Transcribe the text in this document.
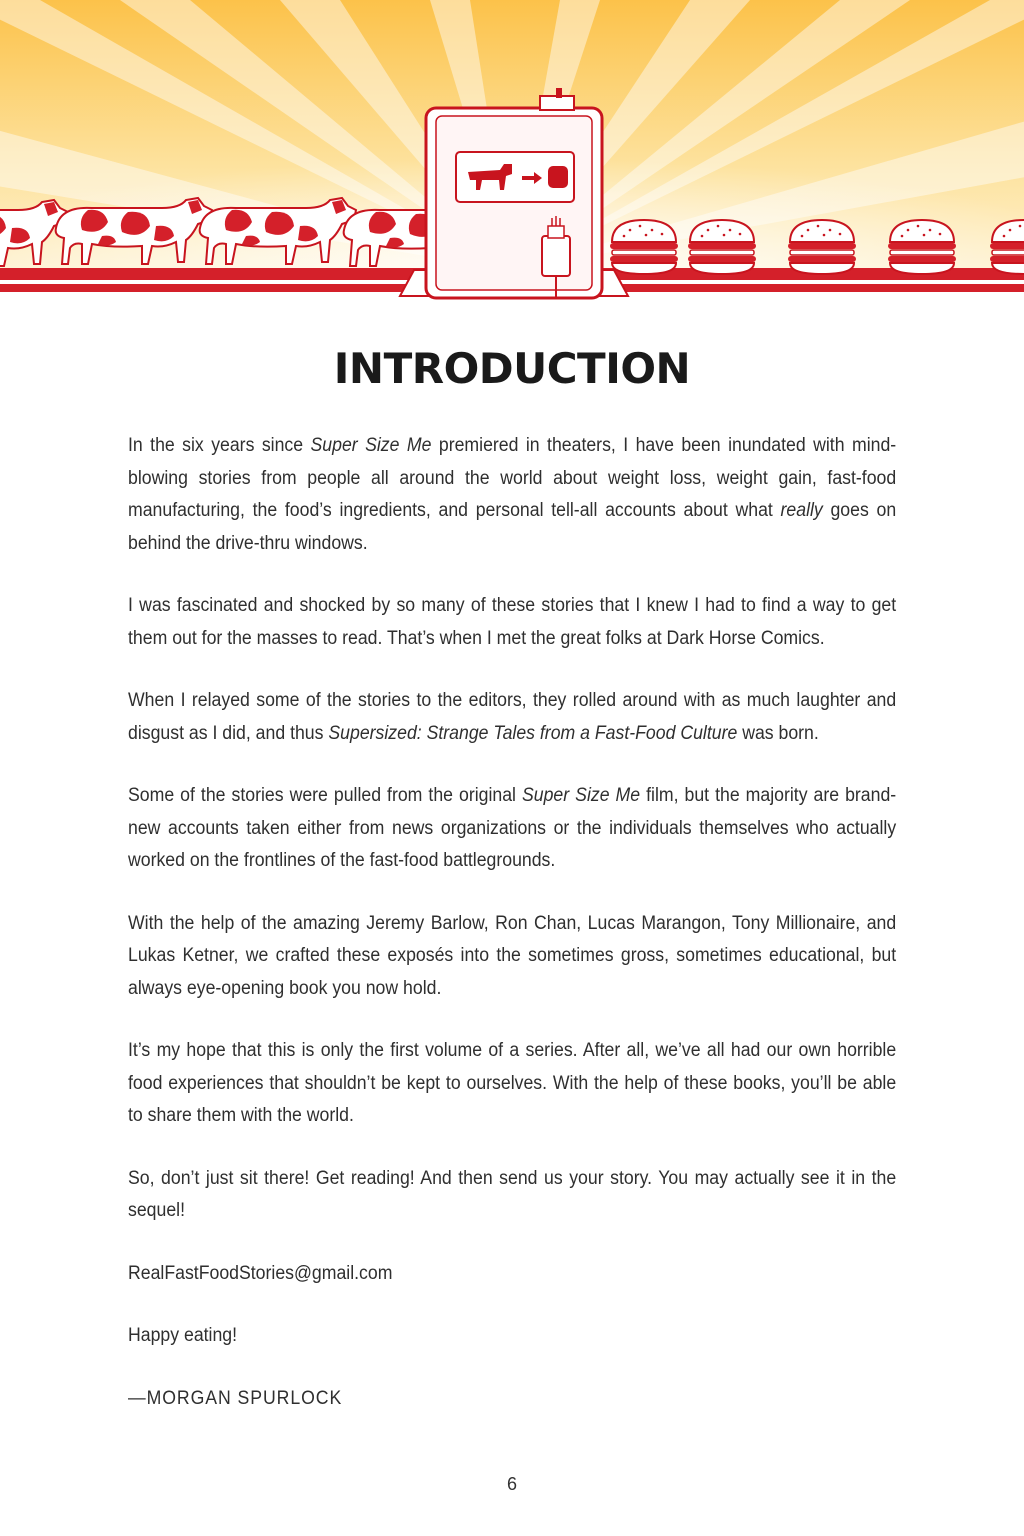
INTRODUCTION

In the six years since Super Size Me premiered in theaters, I have been inundated with mind-blowing stories from people all around the world about weight loss, weight gain, fast-food manufacturing, the food’s ingredients, and personal tell-all accounts about what really goes on behind the drive-thru windows.

I was fascinated and shocked by so many of these stories that I knew I had to find a way to get them out for the masses to read. That’s when I met the great folks at Dark Horse Comics.

When I relayed some of the stories to the editors, they rolled around with as much laughter and disgust as I did, and thus Supersized: Strange Tales from a Fast-Food Culture was born.

Some of the stories were pulled from the original Super Size Me film, but the majority are brand-new accounts taken either from news organizations or the individuals themselves who actually worked on the frontlines of the fast-food battlegrounds.

With the help of the amazing Jeremy Barlow, Ron Chan, Lucas Marangon, Tony Millionaire, and Lukas Ketner, we crafted these exposés into the sometimes gross, sometimes educational, but always eye-opening book you now hold.

It’s my hope that this is only the first volume of a series. After all, we’ve all had our own horrible food experiences that shouldn’t be kept to ourselves. With the help of these books, you’ll be able to share them with the world.

So, don’t just sit there! Get reading! And then send us your story. You may actually see it in the sequel!

RealFastFoodStories@gmail.com

Happy eating!

—MORGAN SPURLOCK

6
